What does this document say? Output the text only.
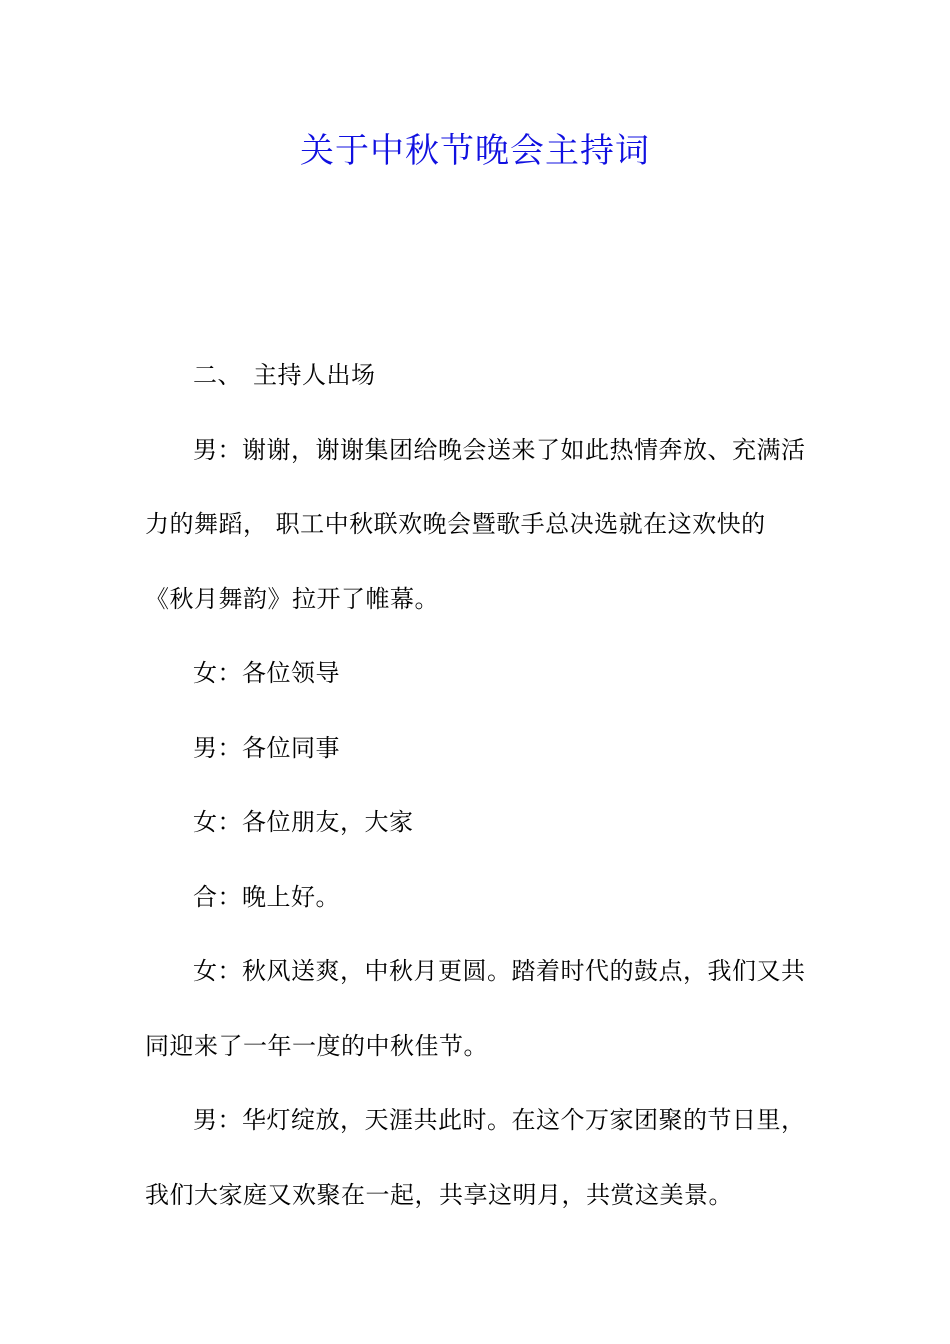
关于中秋节晚会主持词

二、 主持人出场

男：谢谢，谢谢集团给晚会送来了如此热情奔放、充满活力的舞蹈， 职工中秋联欢晚会暨歌手总决选就在这欢快的《秋月舞韵》拉开了帷幕。

女：各位领导

男：各位同事

女：各位朋友，大家

合：晚上好。

女：秋风送爽，中秋月更圆。踏着时代的鼓点，我们又共同迎来了一年一度的中秋佳节。

男：华灯绽放，天涯共此时。在这个万家团聚的节日里，我们大家庭又欢聚在一起，共享这明月，共赏这美景。
